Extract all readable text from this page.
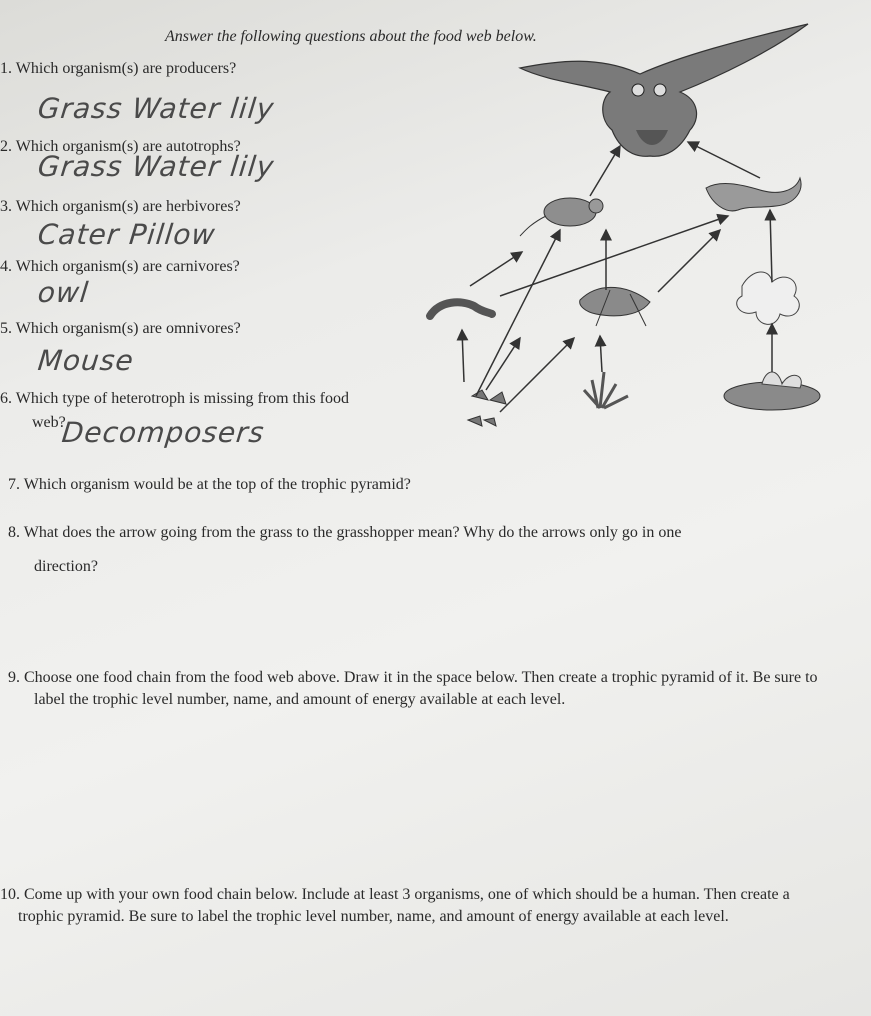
Answer the following questions about the food web below.
1. Which organism(s) are producers?
Grass Water lily
2. Which organism(s) are autotrophs?
Grass Water lily
3. Which organism(s) are herbivores?
Cater Pillow
4. Which organism(s) are carnivores?
owl
5. Which organism(s) are omnivores?
Mouse
6. Which type of heterotroph is missing from this food
web?
Decomposers
7. Which organism would be at the top of the trophic pyramid?
8. What does the arrow going from the grass to the grasshopper mean? Why do the arrows only go in one
direction?
9. Choose one food chain from the food web above. Draw it in the space below. Then create a trophic pyramid of it. Be sure to label the trophic level number, name, and amount of energy available at each level.
10. Come up with your own food chain below. Include at least 3 organisms, one of which should be a human. Then create a trophic pyramid. Be sure to label the trophic level number, name, and amount of energy available at each level.
